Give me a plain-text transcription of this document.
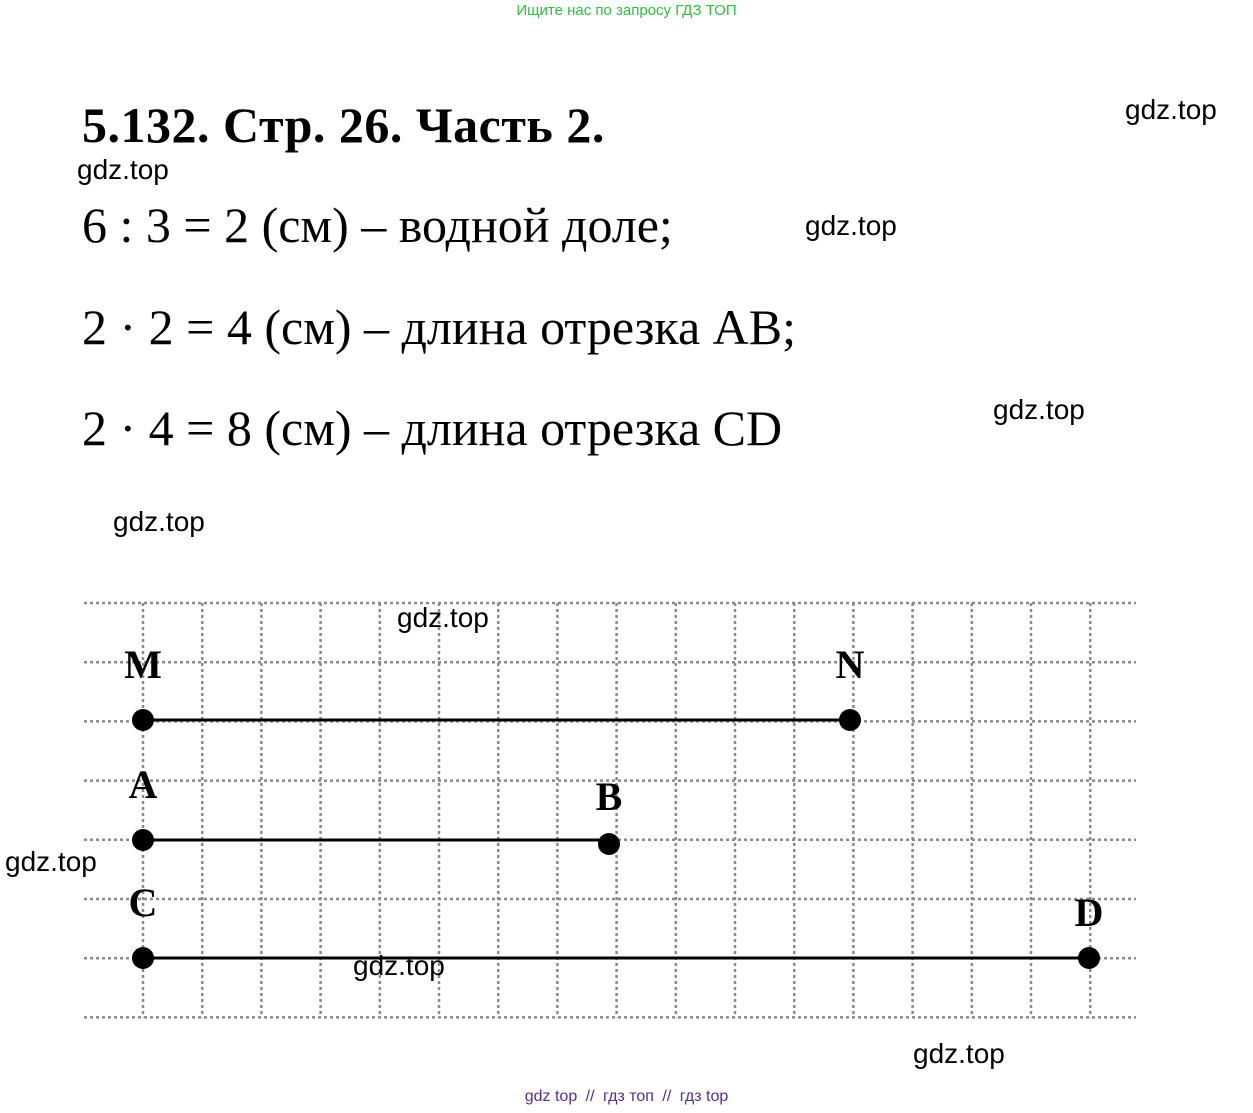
Ищите нас по запросу ГДЗ ТОП
5.132. Стр. 26. Часть 2.
6 : 3 = 2 (см) – водной доле;
2 · 2 = 4 (см) – длина отрезка АВ;
2 · 4 = 8 (см) – длина отрезка CD
gdz.top
gdz.top
gdz.top
gdz.top
gdz.top
M	N
A	B
C	D
gdz.top
gdz.top
gdz.top
gdz.top
gdz top // гдз топ // гдз top
